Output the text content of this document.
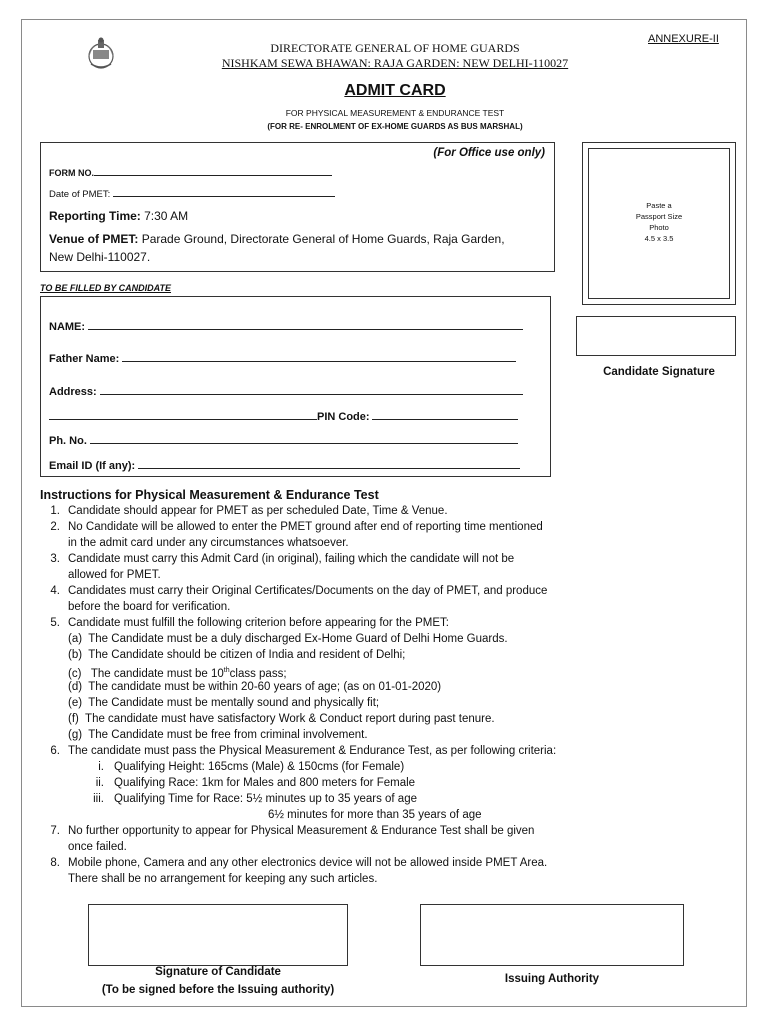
ANNEXURE-II
DIRECTORATE GENERAL OF HOME GUARDS
NISHKAM SEWA BHAWAN: RAJA GARDEN: NEW DELHI-110027
ADMIT CARD
FOR PHYSICAL MEASUREMENT & ENDURANCE TEST
(FOR RE- ENROLMENT OF EX-HOME GUARDS AS BUS MARSHAL)
(For Office use only)
FORM NO.
Date of PMET:
Reporting Time: 7:30 AM
Venue of PMET: Parade Ground, Directorate General of Home Guards, Raja Garden,
New Delhi-110027.
Paste a
Passport Size
Photo
4.5 x 3.5
TO BE FILLED BY CANDIDATE
NAME:
Father Name:
Address:
PIN Code:
Ph. No.
Email ID (If any):
Candidate Signature
Instructions for Physical Measurement & Endurance Test
1. Candidate should appear for PMET as per scheduled Date, Time & Venue.
2. No Candidate will be allowed to enter the PMET ground after end of reporting time mentioned
in the admit card under any circumstances whatsoever.
3. Candidate must carry this Admit Card (in original), failing which the candidate will not be
allowed for PMET.
4. Candidates must carry their Original Certificates/Documents on the day of PMET, and produce
before the board for verification.
5. Candidate must fulfill the following criterion before appearing for the PMET:
(a) The Candidate must be a duly discharged Ex-Home Guard of Delhi Home Guards.
(b) The Candidate should be citizen of India and resident of Delhi;
(c) The candidate must be 10thclass pass;
(d) The candidate must be within 20-60 years of age; (as on 01-01-2020)
(e) The Candidate must be mentally sound and physically fit;
(f) The candidate must have satisfactory Work & Conduct report during past tenure.
(g) The Candidate must be free from criminal involvement.
6. The candidate must pass the Physical Measurement & Endurance Test, as per following criteria:
i. Qualifying Height: 165cms (Male) & 150cms (for Female)
ii. Qualifying Race: 1km for Males and 800 meters for Female
iii. Qualifying Time for Race: 5½ minutes up to 35 years of age
6½ minutes for more than 35 years of age
7. No further opportunity to appear for Physical Measurement & Endurance Test shall be given
once failed.
8. Mobile phone, Camera and any other electronics device will not be allowed inside PMET Area.
There shall be no arrangement for keeping any such articles.
Signature of Candidate
(To be signed before the Issuing authority)
Issuing Authority
